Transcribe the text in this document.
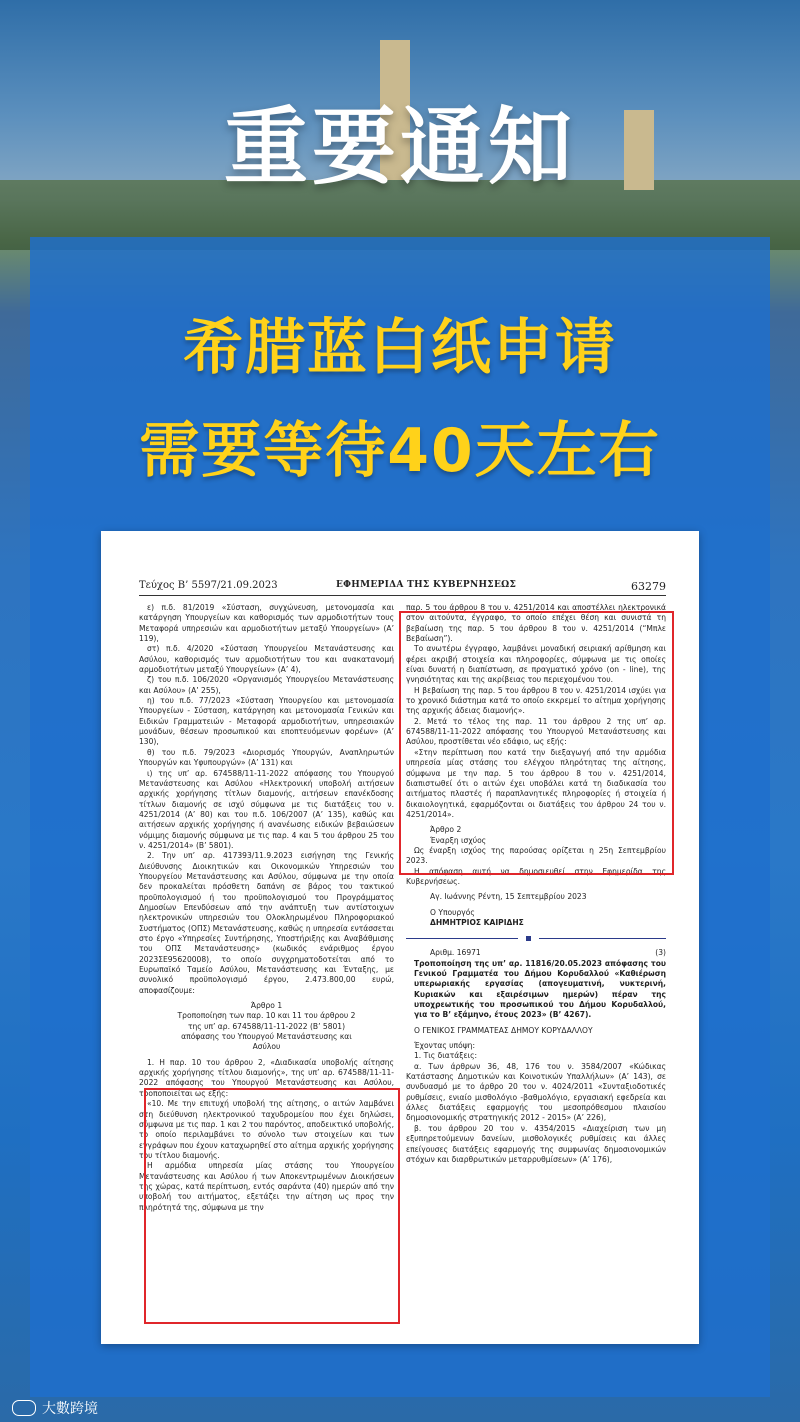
重要通知
希腊蓝白纸申请
需要等待40天左右
Τεύχος Β’ 5597/21.09.2023	ΕΦΗΜΕΡΙΔΑ ΤΗΣ ΚΥΒΕΡΝΗΣΕΩΣ	63279

ε) π.δ. 81/2019 «Σύσταση, συγχώνευση, μετονομασία και κατάργηση Υπουργείων και καθορισμός των αρμοδιοτήτων τους Μεταφορά υπηρεσιών και αρμοδιοτήτων μεταξύ Υπουργείων» (Α’ 119),

στ) π.δ. 4/2020 «Σύσταση Υπουργείου Μετανάστευσης και Ασύλου, καθορισμός των αρμοδιοτήτων του και ανακατανομή αρμοδιοτήτων μεταξύ Υπουργείων» (Α’ 4),

ζ) του π.δ. 106/2020 «Οργανισμός Υπουργείου Μετανάστευσης και Ασύλου» (Α’ 255),

η) του π.δ. 77/2023 «Σύσταση Υπουργείου και μετονομασία Υπουργείων - Σύσταση, κατάργηση και μετονομασία Γενικών και Ειδικών Γραμματειών - Μεταφορά αρμοδιοτήτων, υπηρεσιακών μονάδων, θέσεων προσωπικού και εποπτευόμενων φορέων» (Α’ 130),

θ) του π.δ. 79/2023 «Διορισμός Υπουργών, Αναπληρωτών Υπουργών και Υφυπουργών» (Α’ 131) και

ι) της υπ’ αρ. 674588/11-11-2022 απόφασης του Υπουργού Μετανάστευσης και Ασύλου «Ηλεκτρονική υποβολή αιτήσεων αρχικής χορήγησης τίτλων διαμονής, αιτήσεων επανέκδοσης τίτλων διαμονής σε ισχύ σύμφωνα με τις διατάξεις του ν. 4251/2014 (Α’ 80) και του π.δ. 106/2007 (Α’ 135), καθώς και αιτήσεων αρχικής χορήγησης ή ανανέωσης ειδικών βεβαιώσεων νόμιμης διαμονής σύμφωνα με τις παρ. 4 και 5 του άρθρου 25 του ν. 4251/2014» (Β’ 5801).

2. Την υπ’ αρ. 417393/11.9.2023 εισήγηση της Γενικής Διεύθυνσης Διοικητικών και Οικονομικών Υπηρεσιών του Υπουργείου Μετανάστευσης και Ασύλου, σύμφωνα με την οποία δεν προκαλείται πρόσθετη δαπάνη σε βάρος του τακτικού προϋπολογισμού ή του προϋπολογισμού του Προγράμματος Δημοσίων Επενδύσεων από την ανάπτυξη των αντίστοιχων ηλεκτρονικών υπηρεσιών του Ολοκληρωμένου Πληροφοριακού Συστήματος (ΟΠΣ) Μετανάστευσης, καθώς η υπηρεσία εντάσσεται στο έργο «Υπηρεσίες Συντήρησης, Υποστήριξης και Αναβάθμισης του ΟΠΣ Μετανάστευσης» (κωδικός ενάριθμος έργου 2023ΣΕ95620008), το οποίο συγχρηματοδοτείται από το Ευρωπαϊκό Ταμείο Ασύλου, Μετανάστευσης και Ένταξης, με συνολικό προϋπολογισμό έργου, 2.473.800,00 ευρώ, αποφασίζουμε:

Άρθρο 1

Τροποποίηση των παρ. 10 και 11 του άρθρου 2 της υπ’ αρ. 674588/11-11-2022 (Β’ 5801) απόφασης του Υπουργού Μετανάστευσης και Ασύλου

1. Η παρ. 10 του άρθρου 2, «Διαδικασία υποβολής αίτησης αρχικής χορήγησης τίτλου διαμονής», της υπ’ αρ. 674588/11-11-2022 απόφασης του Υπουργού Μετανάστευσης και Ασύλου, τροποποιείται ως εξής:

«10. Με την επιτυχή υποβολή της αίτησης, ο αιτών λαμβάνει στη διεύθυνση ηλεκτρονικού ταχυδρομείου που έχει δηλώσει, σύμφωνα με τις παρ. 1 και 2 του παρόντος, αποδεικτικό υποβολής, το οποίο περιλαμβάνει το σύνολο των στοιχείων και των εγγράφων που έχουν καταχωρηθεί στο αίτημα αρχικής χορήγησης του τίτλου διαμονής.

Η αρμόδια υπηρεσία μίας στάσης του Υπουργείου Μετανάστευσης και Ασύλου ή των Αποκεντρωμένων Διοικήσεων της χώρας, κατά περίπτωση, εντός σαράντα (40) ημερών από την υποβολή του αιτήματος, εξετάζει την αίτηση ως προς την πληρότητά της, σύμφωνα με την

παρ. 5 του άρθρου 8 του ν. 4251/2014 και αποστέλλει ηλεκτρονικά στον αιτούντα, έγγραφο, το οποίο επέχει θέση και συνιστά τη βεβαίωση της παρ. 5 του άρθρου 8 του ν. 4251/2014 (“Μπλε Βεβαίωση”).

Το ανωτέρω έγγραφο, λαμβάνει μοναδική σειριακή αρίθμηση και φέρει ακριβή στοιχεία και πληροφορίες, σύμφωνα με τις οποίες είναι δυνατή η διαπίστωση, σε πραγματικό χρόνο (on - line), της γνησιότητας και της ακρίβειας του περιεχομένου του.

Η βεβαίωση της παρ. 5 του άρθρου 8 του ν. 4251/2014 ισχύει για το χρονικό διάστημα κατά το οποίο εκκρεμεί το αίτημα χορήγησης της αρχικής άδειας διαμονής».

2. Μετά το τέλος της παρ. 11 του άρθρου 2 της υπ’ αρ. 674588/11-11-2022 απόφασης του Υπουργού Μετανάστευσης και Ασύλου, προστίθεται νέο εδάφιο, ως εξής:

«Στην περίπτωση που κατά την διεξαγωγή από την αρμόδια υπηρεσία μίας στάσης του ελέγχου πληρότητας της αίτησης, σύμφωνα με την παρ. 5 του άρθρου 8 του ν. 4251/2014, διαπιστωθεί ότι ο αιτών έχει υποβάλει κατά τη διαδικασία του αιτήματος πλαστές ή παραπλανητικές πληροφορίες ή στοιχεία ή δικαιολογητικά, εφαρμόζονται οι διατάξεις του άρθρου 24 του ν. 4251/2014».

Άρθρο 2

Έναρξη ισχύος

Ως έναρξη ισχύος της παρούσας ορίζεται η 25η Σεπτεμβρίου 2023.

Η απόφαση αυτή να δημοσιευθεί στην Εφημερίδα της Κυβερνήσεως.

Αγ. Ιωάννης Ρέντη, 15 Σεπτεμβρίου 2023

Ο Υπουργός

ΔΗΜΗΤΡΙΟΣ ΚΑΙΡΙΔΗΣ

Αριθμ. 16971	(3)

Τροποποίηση της υπ’ αρ. 11816/20.05.2023 απόφασης του Γενικού Γραμματέα του Δήμου Κορυδαλλού «Καθιέρωση υπερωριακής εργασίας (απογευματινή, νυκτερινή, Κυριακών και εξαιρέσιμων ημερών) πέραν της υποχρεωτικής του προσωπικού του Δήμου Κορυδαλλού, για το Β’ εξάμηνο, έτους 2023» (Β’ 4267).

Ο ΓΕΝΙΚΟΣ ΓΡΑΜΜΑΤΕΑΣ ΔΗΜΟΥ ΚΟΡΥΔΑΛΛΟΥ

Έχοντας υπόψη:

1. Τις διατάξεις:

α. Των άρθρων 36, 48, 176 του ν. 3584/2007 «Κώδικας Κατάστασης Δημοτικών και Κοινοτικών Υπαλλήλων» (Α’ 143), σε συνδυασμό με το άρθρο 20 του ν. 4024/2011 «Συνταξιοδοτικές ρυθμίσεις, ενιαίο μισθολόγιο -βαθμολόγιο, εργασιακή εφεδρεία και άλλες διατάξεις εφαρμογής του μεσοπρόθεσμου πλαισίου δημοσιονομικής στρατηγικής 2012 - 2015» (Α’ 226),

β. του άρθρου 20 του ν. 4354/2015 «Διαχείριση των μη εξυπηρετούμενων δανείων, μισθολογικές ρυθμίσεις και άλλες επείγουσες διατάξεις εφαρμογής της συμφωνίας δημοσιονομικών στόχων και διαρθρωτικών μεταρρυθμίσεων» (Α’ 176),

大數跨境
